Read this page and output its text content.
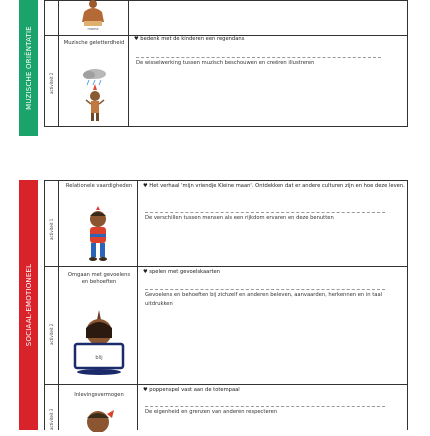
MUZISCHE ORIËNTATIE
SOCIAAL-EMOTIONEEL
mama
activiteit 2
Muzische geletterdheid
♥ bedenk met de kinderen een regendans
De wisselwerking tussen muzisch beschouwen en creëren illustreren
activiteit 1
Relationele vaardigheden	♥ Het verhaal 'mijn vriendje Kleine maan'. Ontdekken dat er andere culturen zijn en hoe deze leven.
De verschillen tussen mensen als een rijkdom ervaren en deze benutten
activiteit 2
Omgaan met gevoelens en behoeften
blij
♥ spelen met gevoelskaarten
Gevoelens en behoeften bij zichzelf en anderen beleven, aanvaarden, herkennen en in taal uitdrukken
activiteit 3
Inlevingsvermogen
♥ poppenspel vast aan de totempaal
De eigenheid en grenzen van anderen respecteren
